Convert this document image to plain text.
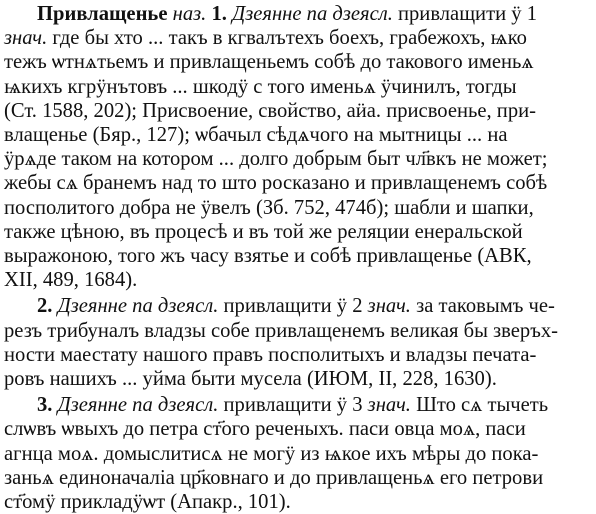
Привлащенье наз. 1. Дзеянне па дзеясл. привлащити ӱ 1
знач. где бы хто ... такъ в кгвалътехъ боехъ, грабежохъ, ѩко
тежъ ѡтнѧтьемъ и привлащеньемъ собѣ до таковогo именьѧ
ѩкихъ кгрӱнътовъ ... шкодӱ с того именьѧ ӱчинилъ, тогды
(Ст. 1588, 202); Присвоение, свойство, аӥа. присвоенье, при-
влащенье (Бяр., 127); ѡбачыл сѣдѧчого на мытницы ... на
ӱрѧде таком на котором ... долго добрым быт чл҃вкъ не может;
жебы сѧ бранемъ над то што росказано и привлащенемъ собѣ
посполитого добра не ӱвелъ (Зб. 752, 474б); шабли и шапки,
также цѣною, въ процесѣ и въ той же реляции енеральской
выражоною, того жъ часу взятье и собѣ привлащенье (АВК,
XII, 489, 1684).

2. Дзеянне па дзеясл. привлащити ӱ 2 знач. за таковымъ че-
резъ трибуналъ владзы собе привлащенемъ великая бы зверъх-
ности маестату нашого правъ посполитыхъ и владзы печата-
ровъ нашихъ ... уйма быти мусела (ИЮМ, II, 228, 1630).

3. Дзеянне па дзеясл. привлащити ӱ 3 знач. Што сѧ тычеть
слѡвъ ѡвыхъ до петра ст҃ого реченыхъ. паси овца моѧ, паси
агнца моѧ. домыслитисѧ не могӱ из ѩкое ихъ мѣры до пока-
заньѧ единоначалiа цр҃ковнаго и до привлащеньѧ его петрови
ст҃омӱ прикладӱѡт (Апакр., 101).
